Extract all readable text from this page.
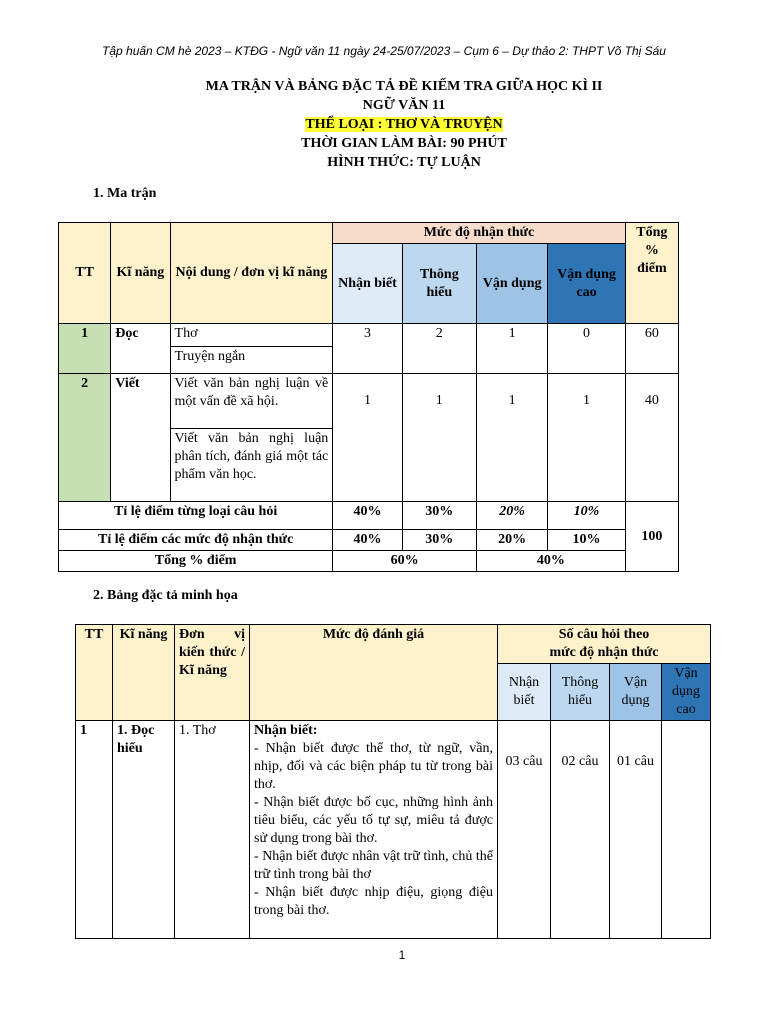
Tập huấn CM hè 2023 – KTĐG - Ngữ văn 11 ngày 24-25/07/2023 – Cụm 6 – Dự thảo 2: THPT Võ Thị Sáu
MA TRẬN VÀ BẢNG ĐẶC TẢ ĐỀ KIẾM TRA GIỮA HỌC KÌ II
NGỮ VĂN 11
THỂ LOẠI : THƠ VÀ TRUYỆN
THỜI GIAN LÀM BÀI: 90 PHÚT
HÌNH THỨC: TỰ LUẬN
1. Ma trận
TT	Kĩ năng	Nội dung / đơn vị kĩ năng	Mức độ nhận thức				Tổng % điểm
			Nhận biết	Thông hiểu	Vận dụng	Vận dụng cao	
1	Đọc	Thơ	3	2	1	0	60
		Truyện ngắn					
2	Viết	Viết văn bản nghị luận về một vấn đề xã hội.	1	1	1	1	40
		Viết văn bản nghị luận phân tích, đánh giá một tác phẩm văn học.					
Tỉ lệ điểm từng loại câu hỏi			40%	30%	20%	10%	100
Tỉ lệ điểm các mức độ nhận thức			40%	30%	20%	10%	
Tổng % điểm			60%		40%		
2. Bảng đặc tả minh họa
TT	Kĩ năng	Đơn vị kiến thức / Kĩ năng	Mức độ đánh giá	Số câu hỏi theo
mức độ nhận thức			

				Nhận biết	Thông hiểu	Vận dụng	Vận dụng cao
1	1. Đọc hiểu	1. Thơ	Nhận biết:
- Nhận biết được thể thơ, từ ngữ, vần, nhịp, đối và các biện pháp tu từ trong bài thơ.
- Nhận biết được bố cục, những hình ảnh tiêu biểu, các yếu tố tự sự, miêu tả được sử dụng trong bài thơ.
- Nhận biết được nhân vật trữ tình, chủ thể trữ tình trong bài thơ
- Nhận biết được nhịp điệu, giọng điệu trong bài thơ.	03 câu	02 câu	01 câu	
1
